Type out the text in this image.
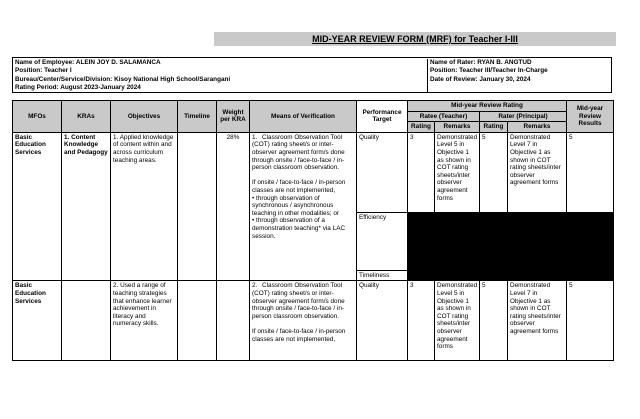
MID-YEAR REVIEW FORM (MRF) for Teacher I-III
Name of Employee: ALEIN JOY D. SALAMANCA
Position: Teacher I
Bureau/Center/Service/Division: Kisoy National High School/Sarangani
Rating Period: August 2023-January 2024
Name of Rater: RYAN B. ANGTUD
Position: Teacher III/Teacher In-Charge
Date of Review: January 30, 2024
MFOs	KRAs	Objectives	Timeline	Weight per KRA	Means of Verification	Performance Target	Mid-year Review Rating				Mid-year Review Results
							Ratee (Teacher)		Rater (Principal)		
							Rating	Remarks	Rating	Remarks	
Basic Education Services	1. Content Knowledge and Pedagogy	1. Applied knowledge of content within and across curriculum teaching areas.		28%	1. Classroom Observation Tool (COT) rating sheet/s or inter-observer agreement form/s done through onsite / face-to-face / in-person classroom observation.

If onsite / face-to-face / in-person classes are not implemented,
• through observation of synchronous / asynchronous teaching in other modalities; or
• through observation of a demonstration teaching* via LAC session.	Quality	3	Demonstrated Level 5 in Objective 1 as shown in COT rating sheets/inter observer agreement forms	5	Demonstrated Level 7 in Objective 1 as shown in COT rating sheets/inter observer agreement forms	5
						Efficiency					
						Timeliness					
Basic Education Services		2. Used a range of teaching strategies that enhance learner achievement in literacy and numeracy skills.			2. Classroom Observation Tool (COT) rating sheet/s or inter-observer agreement form/s done through onsite / face-to-face / in-person classroom observation.

If onsite / face-to-face / in-person classes are not implemented,	Quality	3	Demonstrated Level 5 in Objective 1 as shown in COT rating sheets/inter observer agreement forms	5	Demonstrated Level 7 in Objective 1 as shown in COT rating sheets/inter observer agreement forms	5
